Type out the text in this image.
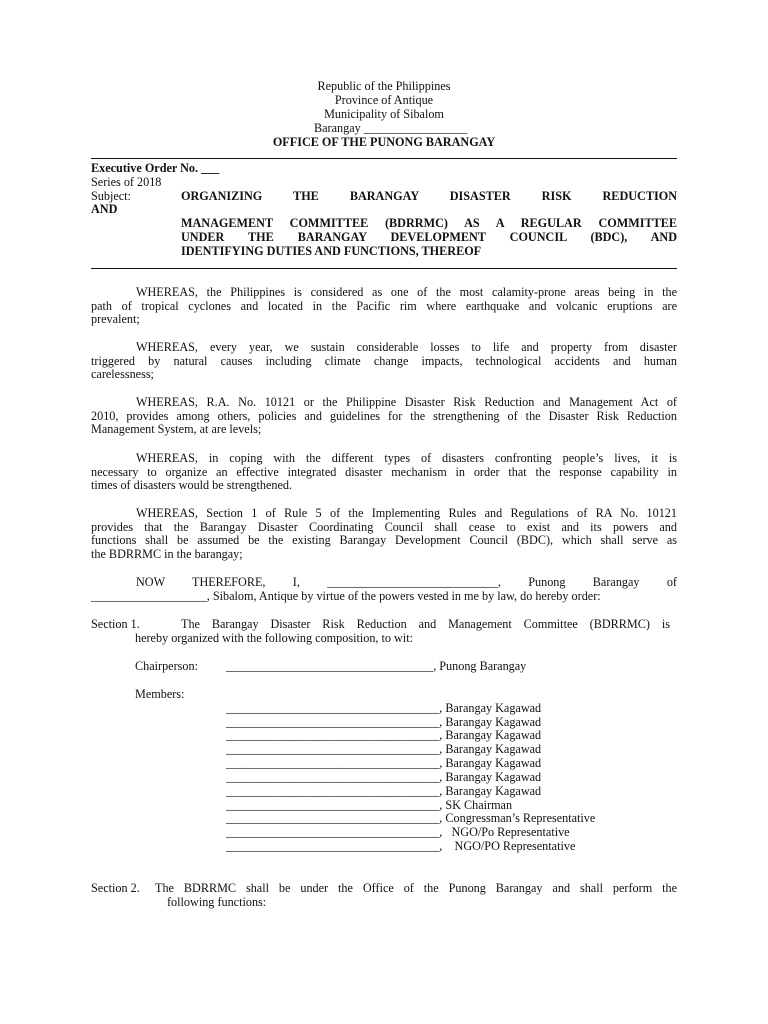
Republic of the Philippines
Province of Antique
Municipality of Sibalom
Barangay _________________
OFFICE OF THE PUNONG BARANGAY
Executive Order No. ___
Series of 2018
Subject:	ORGANIZING THE BARANGAY DISASTER RISK REDUCTION
AND
MANAGEMENT COMMITTEE (BDRRMC) AS A REGULAR COMMITTEE
UNDER THE BARANGAY DEVELOPMENT COUNCIL (BDC), AND
IDENTIFYING DUTIES AND FUNCTIONS, THEREOF
WHEREAS, the Philippines is considered as one of the most calamity-prone areas being in the
path of tropical cyclones and located in the Pacific rim where earthquake and volcanic eruptions are
prevalent;
WHEREAS, every year, we sustain considerable losses to life and property from disaster
triggered by natural causes including climate change impacts, technological accidents and human
carelessness;
WHEREAS, R.A. No. 10121 or the Philippine Disaster Risk Reduction and Management Act of
2010, provides among others, policies and guidelines for the strengthening of the Disaster Risk Reduction
Management System, at are levels;
WHEREAS, in coping with the different types of disasters confronting people’s lives, it is
necessary to organize an effective integrated disaster mechanism in order that the response capability in
times of disasters would be strengthened.
WHEREAS, Section 1 of Rule 5 of the Implementing Rules and Regulations of RA No. 10121
provides that the Barangay Disaster Coordinating Council shall cease to exist and its powers and
functions shall be assumed be the existing Barangay Development Council (BDC), which shall serve as
the BDRRMC in the barangay;
NOW THEREFORE, I, ____________________________, Punong Barangay of
___________________, Sibalom, Antique by virtue of the powers vested in me by law, do hereby order:
Section 1.	The Barangay Disaster Risk Reduction and Management Committee (BDRRMC) is
hereby organized with the following composition, to wit:
Chairperson: __________________________________, Punong Barangay
Members:
___________________________________, Barangay Kagawad
___________________________________, Barangay Kagawad
___________________________________, Barangay Kagawad
___________________________________, Barangay Kagawad
___________________________________, Barangay Kagawad
___________________________________, Barangay Kagawad
___________________________________, Barangay Kagawad
___________________________________, SK Chairman
___________________________________, Congressman’s Representative
___________________________________,   NGO/Po Representative
___________________________________,    NGO/PO Representative
Section 2. The BDRRMC shall be under the Office of the Punong Barangay and shall perform the
following functions:
